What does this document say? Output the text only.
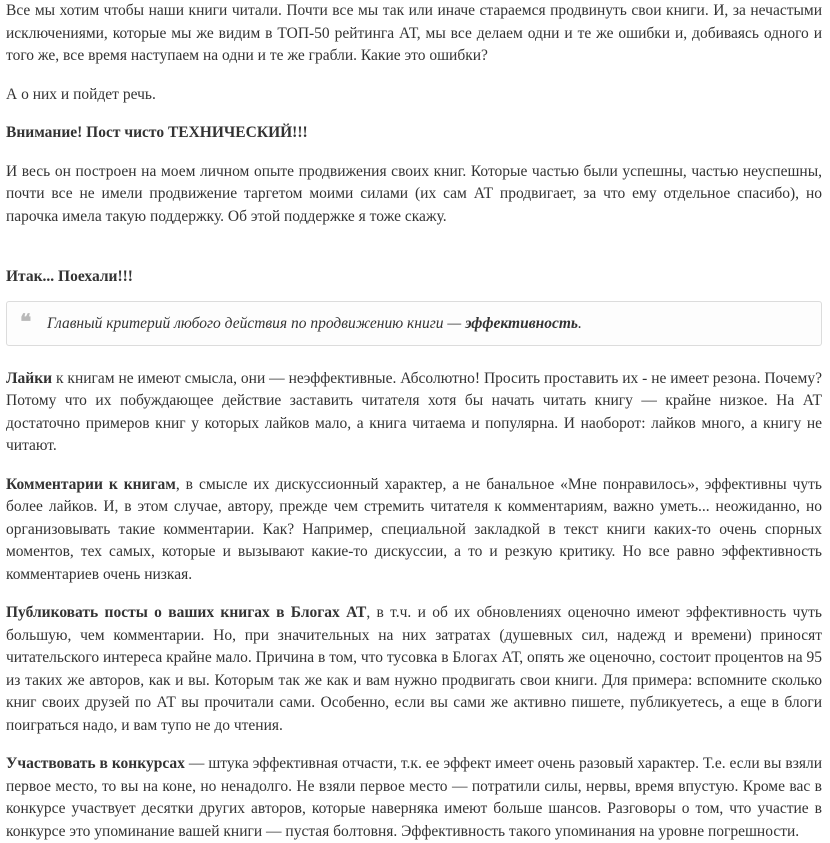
Все мы хотим чтобы наши книги читали. Почти все мы так или иначе стараемся продвинуть свои книги. И, за нечастыми исключениями, которые мы же видим в ТОП-50 рейтинга АТ, мы все делаем одни и те же ошибки и, добиваясь одного и того же, все время наступаем на одни и те же грабли. Какие это ошибки?

А о них и пойдет речь.

Внимание! Пост чисто ТЕХНИЧЕСКИЙ!!!

И весь он построен на моем личном опыте продвижения своих книг. Которые частью были успешны, частью неуспешны, почти все не имели продвижение таргетом моими силами (их сам АТ продвигает, за что ему отдельное спасибо), но парочка имела такую поддержку. Об этой поддержке я тоже скажу.

Итак... Поехали!!!
❝ Главный критерий любого действия по продвижению книги — эффективность.

Лайки к книгам не имеют смысла, они — неэффективные. Абсолютно! Просить проставить их - не имеет резона. Почему? Потому что их побуждающее действие заставить читателя хотя бы начать читать книгу — крайне низкое. На АТ достаточно примеров книг у которых лайков мало, а книга читаема и популярна. И наоборот: лайков много, а книгу не читают.

Комментарии к книгам, в смысле их дискуссионный характер, а не банальное «Мне понравилось», эффективны чуть более лайков. И, в этом случае, автору, прежде чем стремить читателя к комментариям, важно уметь... неожиданно, но организовывать такие комментарии. Как? Например, специальной закладкой в текст книги каких-то очень спорных моментов, тех самых, которые и вызывают какие-то дискуссии, а то и резкую критику. Но все равно эффективность комментариев очень низкая.

Публиковать посты о ваших книгах в Блогах АТ, в т.ч. и об их обновлениях оценочно имеют эффективность чуть большую, чем комментарии. Но, при значительных на них затратах (душевных сил, надежд и времени) приносят читательского интереса крайне мало. Причина в том, что тусовка в Блогах АТ, опять же оценочно, состоит процентов на 95 из таких же авторов, как и вы. Которым так же как и вам нужно продвигать свои книги. Для примера: вспомните сколько книг своих друзей по АТ вы прочитали сами. Особенно, если вы сами же активно пишете, публикуетесь, а еще в блоги поиграться надо, и вам тупо не до чтения.

Участвовать в конкурсах — штука эффективная отчасти, т.к. ее эффект имеет очень разовый характер. Т.е. если вы взяли первое место, то вы на коне, но ненадолго. Не взяли первое место — потратили силы, нервы, время впустую. Кроме вас в конкурсе участвует десятки других авторов, которые наверняка имеют больше шансов. Разговоры о том, что участие в конкурсе это упоминание вашей книги — пустая болтовня. Эффективность такого упоминания на уровне погрешности.
